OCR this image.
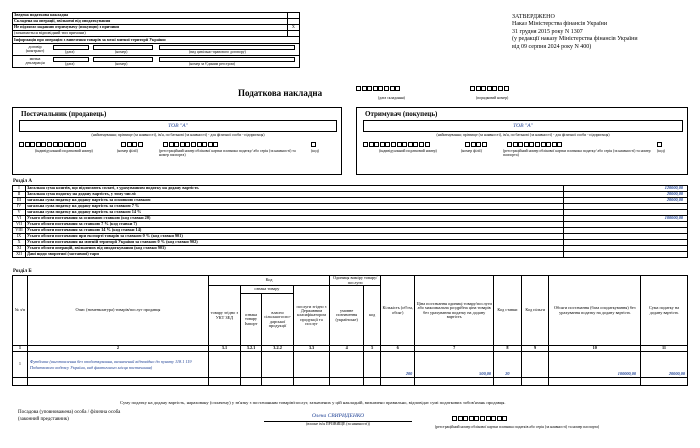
Зведена податкова накладна	
Складена на операції, звільнені від оподаткування	
Не підлягає наданню отримувачу (покупцю) з причини	Х
(зазначається відповідний тип причини)	
Інформація про операцію з вивезення товарів за межі митної території України:	

договір (контракт) (дата) (номер) (вид цивільно-правового договору)	

митна декларація (дата) (номер) (номер за Єдиним реєстром)	
ЗАТВЕРДЖЕНО
Наказ Міністерства фінансів України
31 грудня 2015 року N 1307
(у редакції наказу Міністерства фінансів України
від 09 серпня 2024 року N 400)
Податкова накладна	(дата складання)	(порядковий номер)
Постачальник (продавець)
ТОВ "А"
(найменування; прізвище (за наявності), ім'я, по батькові (за наявності) - для фізичної особи - підприємця)
(індивідуальний податковий номер)	(номер філії)	(реєстраційний номер облікової картки платника податку/ або серія (за наявності) та номер паспорта)
(код)
Отримувач (покупець)
ТОВ "А"
(найменування; прізвище (за наявності), ім'я, по батькові (за наявності) - для фізичної особи - підприємця)
(індивідуальний податковий номер)	(номер філії)	(реєстраційний номер облікової картки платника податку/ або серія (за наявності) та номер паспорта)
(код)
Розділ А
I	Загальна сума коштів, що підлягають сплаті, з урахуванням податку на додану вартість	120000,00
II	Загальна сума податку на додану вартість, у тому числі:	20000,00
III	загальна сума податку на додану вартість за основною ставкою	20000,00
IV	загальна сума податку на додану вартість за ставкою 7 %	
V	загальна сума податку на додану вартість за ставкою 14 %	
VI	Усього обсяги постачання за основною ставкою (код ставки 20)	100000,00
VII	Усього обсяги постачання за ставкою 7 % (код ставки 7)	
VIII	Усього обсяги постачання за ставкою 14 % (код ставки 14)	
IX	Усього обсяги постачання при експорті товарів за ставкою 0 % (код ставки 901)	
X	Усього обсяги постачання на митній території України за ставкою 0 % (код ставки 902)	
XI	Усього обсяги операцій, звільнених від оподаткування (код ставки 903)	
XII	Дані щодо зворотної (заставної) тари	
Розділ Б
№ з/п	Опис (номенклатура) товарів/послуг продавця	Код				Одиниця виміру товару/послуги		Кількість (об'єм, обсяг)	Ціна постачання одиниці товару/послуги або максимальна роздрібна ціна товарів без урахування податку на додану вартість	Код ставки	Код пільги	Обсяги постачання (база оподаткування) без урахування податку на додану вартість	Сума податку на додану вартість
		товару згідно з УКТ ЗЕД	ознака товару		послуги згідно з Державним класифікатором продукції та послуг	умовне позначення (українське)	код						
			ознака товару Імпорт	власно сільськогоспо-дарської продукції									
1	2	3.1	3.2.1	3.2.2	3.3	4	5	6	7	8	9	10	11
1	Футболка (виготовлення без оподаткування, визначений відповідно до пункту 118.1 119 Податкового кодексу України, вид фактичного місця постачання)							200	500,00	20		100000,00	20000,00

Суму податку на додану вартість, нараховану (сплачену) у зв'язку з постачанням товарів/послуг, зазначених у цій накладній, визначено правильно, відповідає сумі податкових зобов'язань продавця.
Посадова (уповноважена) особа / фізична особа
(законний представник)
Олена СВИРИДЕНКО
(власне ім'я ПРІЗВИЩЕ (за наявності))
(реєстраційний номер облікової картки платника податків або серія (за наявності) та номер паспорта)
